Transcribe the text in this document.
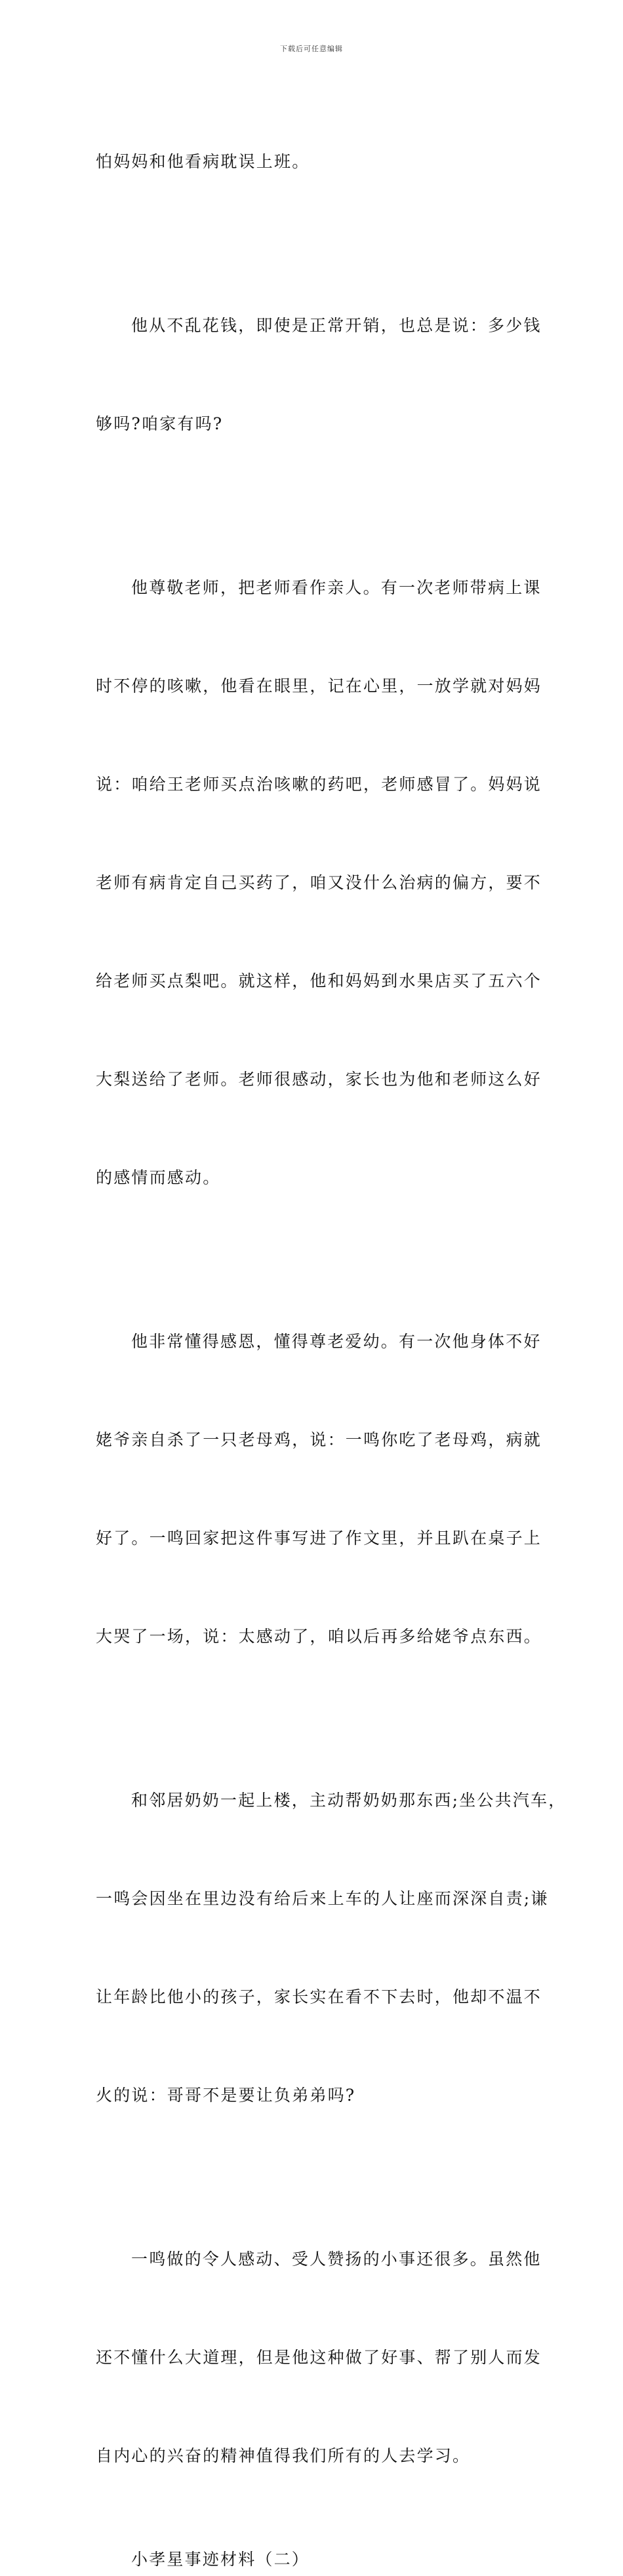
下载后可任意编辑

怕妈妈和他看病耽误上班。

他从不乱花钱，即使是正常开销，也总是说：多少钱

够吗?咱家有吗?

他尊敬老师，把老师看作亲人。有一次老师带病上课

时不停的咳嗽，他看在眼里，记在心里，一放学就对妈妈

说：咱给王老师买点治咳嗽的药吧，老师感冒了。妈妈说

老师有病肯定自己买药了，咱又没什么治病的偏方，要不

给老师买点梨吧。就这样，他和妈妈到水果店买了五六个

大梨送给了老师。老师很感动，家长也为他和老师这么好

的感情而感动。

他非常懂得感恩，懂得尊老爱幼。有一次他身体不好

姥爷亲自杀了一只老母鸡，说：一鸣你吃了老母鸡，病就

好了。一鸣回家把这件事写进了作文里，并且趴在桌子上

大哭了一场，说：太感动了，咱以后再多给姥爷点东西。

和邻居奶奶一起上楼，主动帮奶奶那东西;坐公共汽车，

一鸣会因坐在里边没有给后来上车的人让座而深深自责;谦

让年龄比他小的孩子，家长实在看不下去时，他却不温不

火的说：哥哥不是要让负弟弟吗?

一鸣做的令人感动、受人赞扬的小事还很多。虽然他

还不懂什么大道理，但是他这种做了好事、帮了别人而发

自内心的兴奋的精神值得我们所有的人去学习。

小孝星事迹材料（二）
